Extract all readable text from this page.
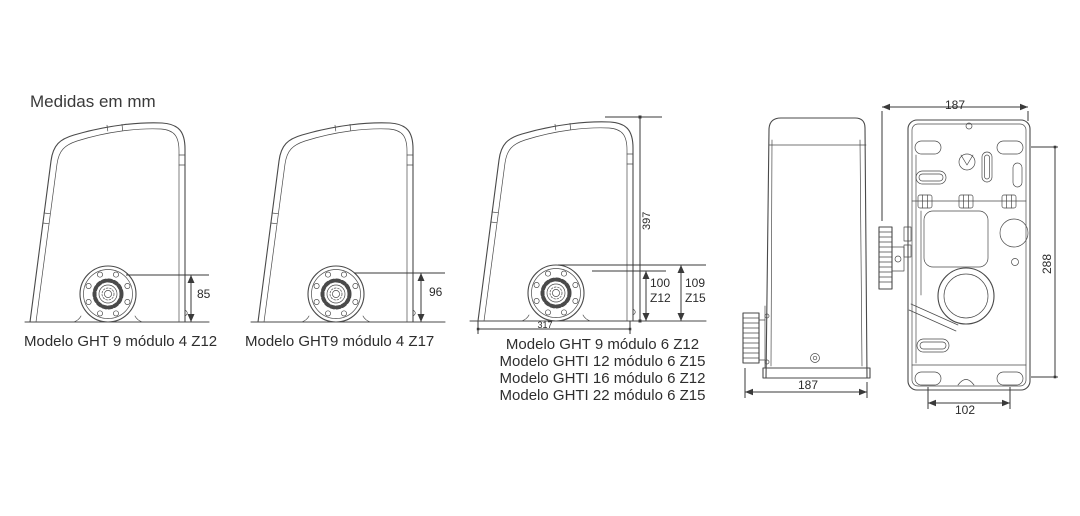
Medidas em mm
85
Modelo GHT 9 módulo 4 Z12
96
Modelo GHT9 módulo 4 Z17
397
100
Z12
109
Z15
317
Modelo GHT 9 módulo 6 Z12
Modelo GHTI 12 módulo 6 Z15
Modelo GHTI 16 módulo 6 Z12
Modelo GHTI 22 módulo 6 Z15
187
187
288
102
